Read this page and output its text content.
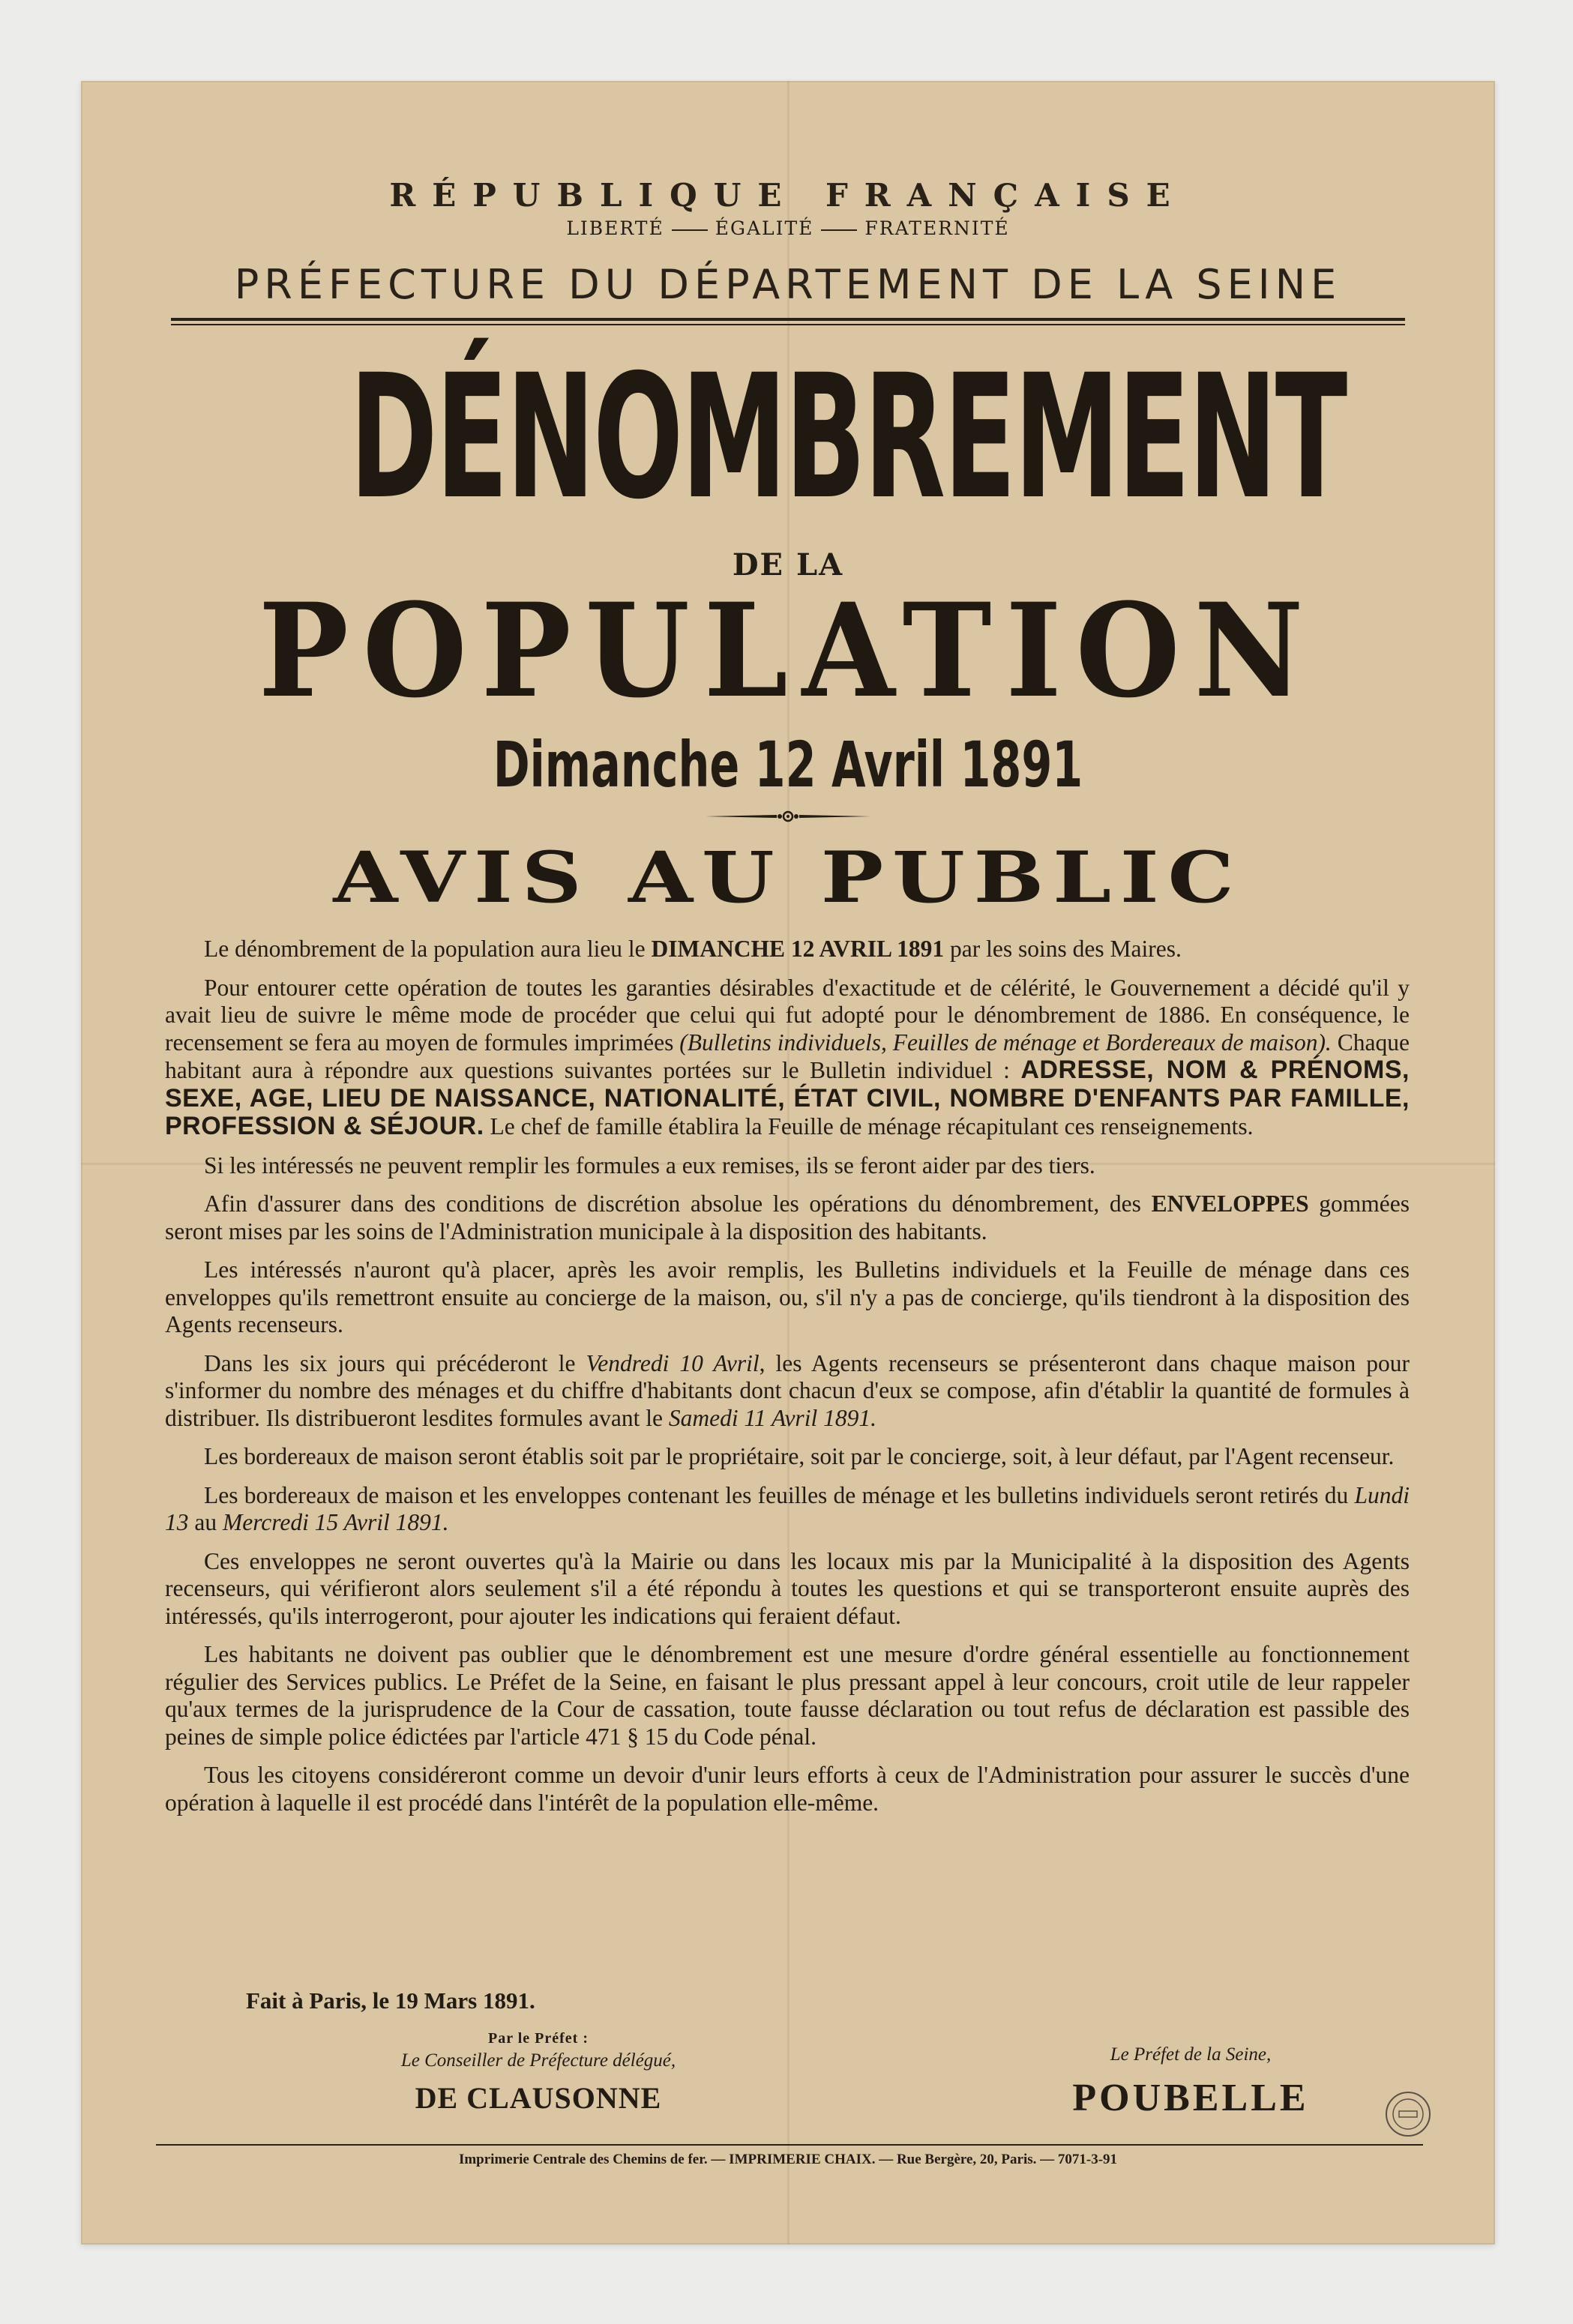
RÉPUBLIQUE FRANÇAISE
LIBERTÉ	ÉGALITÉ	FRATERNITÉ
PRÉFECTURE DU DÉPARTEMENT DE LA SEINE
DÉNOMBREMENT
DE LA
POPULATION
Dimanche 12 Avril 1891
AVIS AU PUBLIC

Le dénombrement de la population aura lieu le DIMANCHE 12 AVRIL 1891 par les soins des Maires.

Pour entourer cette opération de toutes les garanties désirables d'exactitude et de célérité, le Gouvernement a décidé qu'il y avait lieu de suivre le même mode de procéder que celui qui fut adopté pour le dénombrement de 1886. En conséquence, le recensement se fera au moyen de formules imprimées (Bulletins individuels, Feuilles de ménage et Bordereaux de maison). Chaque habitant aura à répondre aux questions suivantes portées sur le Bulletin individuel : ADRESSE, NOM & PRÉNOMS, SEXE, AGE, LIEU DE NAISSANCE, NATIONALITÉ, ÉTAT CIVIL, NOMBRE D'ENFANTS PAR FAMILLE, PROFESSION & SÉJOUR. Le chef de famille établira la Feuille de ménage récapitulant ces renseignements.

Si les intéressés ne peuvent remplir les formules a eux remises, ils se feront aider par des tiers.

Afin d'assurer dans des conditions de discrétion absolue les opérations du dénombrement, des ENVELOPPES gommées seront mises par les soins de l'Administration municipale à la disposition des habitants.

Les intéressés n'auront qu'à placer, après les avoir remplis, les Bulletins individuels et la Feuille de ménage dans ces enveloppes qu'ils remettront ensuite au concierge de la maison, ou, s'il n'y a pas de concierge, qu'ils tiendront à la disposition des Agents recenseurs.

Dans les six jours qui précéderont le Vendredi 10 Avril, les Agents recenseurs se présenteront dans chaque maison pour s'informer du nombre des ménages et du chiffre d'habitants dont chacun d'eux se compose, afin d'établir la quantité de formules à distribuer. Ils distribueront lesdites formules avant le Samedi 11 Avril 1891.

Les bordereaux de maison seront établis soit par le propriétaire, soit par le concierge, soit, à leur défaut, par l'Agent recenseur.

Les bordereaux de maison et les enveloppes contenant les feuilles de ménage et les bulletins individuels seront retirés du Lundi 13 au Mercredi 15 Avril 1891.

Ces enveloppes ne seront ouvertes qu'à la Mairie ou dans les locaux mis par la Municipalité à la disposition des Agents recenseurs, qui vérifieront alors seulement s'il a été répondu à toutes les questions et qui se transporteront ensuite auprès des intéressés, qu'ils interrogeront, pour ajouter les indications qui feraient défaut.

Les habitants ne doivent pas oublier que le dénombrement est une mesure d'ordre général essentielle au fonctionnement régulier des Services publics. Le Préfet de la Seine, en faisant le plus pressant appel à leur concours, croit utile de leur rappeler qu'aux termes de la jurisprudence de la Cour de cassation, toute fausse déclaration ou tout refus de déclaration est passible des peines de simple police édictées par l'article 471 § 15 du Code pénal.

Tous les citoyens considéreront comme un devoir d'unir leurs efforts à ceux de l'Administration pour assurer le succès d'une opération à laquelle il est procédé dans l'intérêt de la population elle-même.

Fait à Paris, le 19 Mars 1891.
Par le Préfet :
Le Conseiller de Préfecture délégué,
DE CLAUSONNE
Le Préfet de la Seine,
POUBELLE
Imprimerie Centrale des Chemins de fer. — IMPRIMERIE CHAIX. — Rue Bergère, 20, Paris. — 7071-3-91
